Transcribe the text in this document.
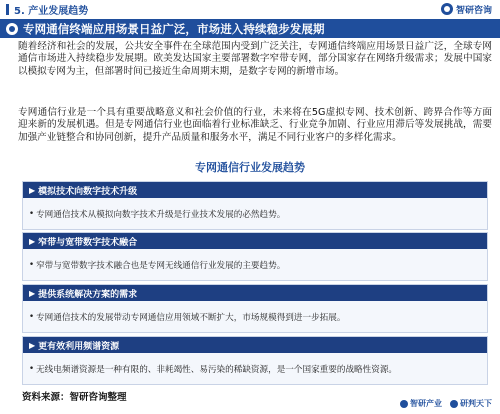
5. 产业发展趋势	智研咨询
专网通信终端应用场景日益广泛，市场进入持续稳步发展期

随着经济和社会的发展，公共安全事件在全球范围内受到广泛关注，专网通信终端应用场景日益广泛，全球专网通信市场进入持续稳步发展期。欧美发达国家主要部署数字窄带专网，部分国家存在网络升级需求；发展中国家以模拟专网为主，但部署时间已接近生命周期末期，是数字专网的新增市场。

专网通信行业是一个具有重要战略意义和社会价值的行业，未来将在5G虚拟专网、技术创新、跨界合作等方面迎来新的发展机遇。但是专网通信行业也面临着行业标准缺乏、行业竞争加剧、行业应用滞后等发展挑战，需要加强产业链整合和协同创新，提升产品质量和服务水平，满足不同行业客户的多样化需求。

专网通信行业发展趋势
▶ 模拟技术向数字技术升级
• 专网通信技术从模拟向数字技术升级是行业技术发展的必然趋势。
▶ 窄带与宽带数字技术融合
• 窄带与宽带数字技术融合也是专网无线通信行业发展的主要趋势。
▶ 提供系统解决方案的需求
• 专网通信技术的发展带动专网通信应用领域不断扩大，市场规模得到进一步拓展。
▶ 更有效利用频谱资源
• 无线电频谱资源是一种有限的、非耗竭性、易污染的稀缺资源，是一个国家重要的战略性资源。
资料来源：智研咨询整理
智研产业 研判天下
